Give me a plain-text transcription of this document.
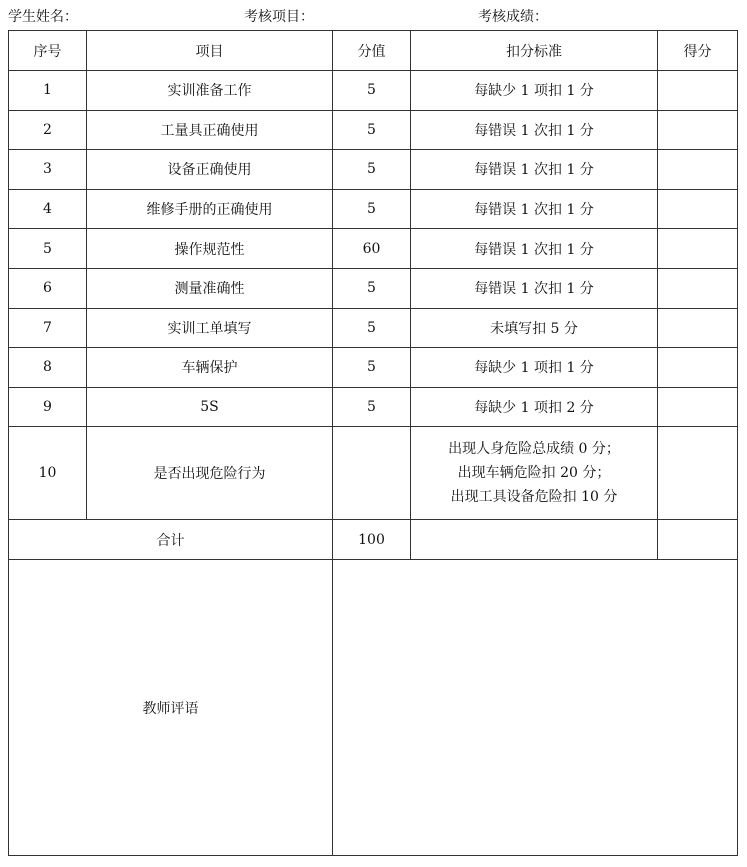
学生姓名：	考核项目：	考核成绩：
序号	项目	分值	扣分标准	得分
1	实训准备工作	5	每缺少 1 项扣 1 分	
2	工量具正确使用	5	每错误 1 次扣 1 分	
3	设备正确使用	5	每错误 1 次扣 1 分	
4	维修手册的正确使用	5	每错误 1 次扣 1 分	
5	操作规范性	60	每错误 1 次扣 1 分	
6	测量准确性	5	每错误 1 次扣 1 分	
7	实训工单填写	5	未填写扣 5 分	
8	车辆保护	5	每缺少 1 项扣 1 分	
9	5S	5	每缺少 1 项扣 2 分	
10	是否出现危险行为		出现人身危险总成绩 0 分；
出现车辆危险扣 20 分；
出现工具设备危险扣 10 分	

合计		100		
教师评语				
